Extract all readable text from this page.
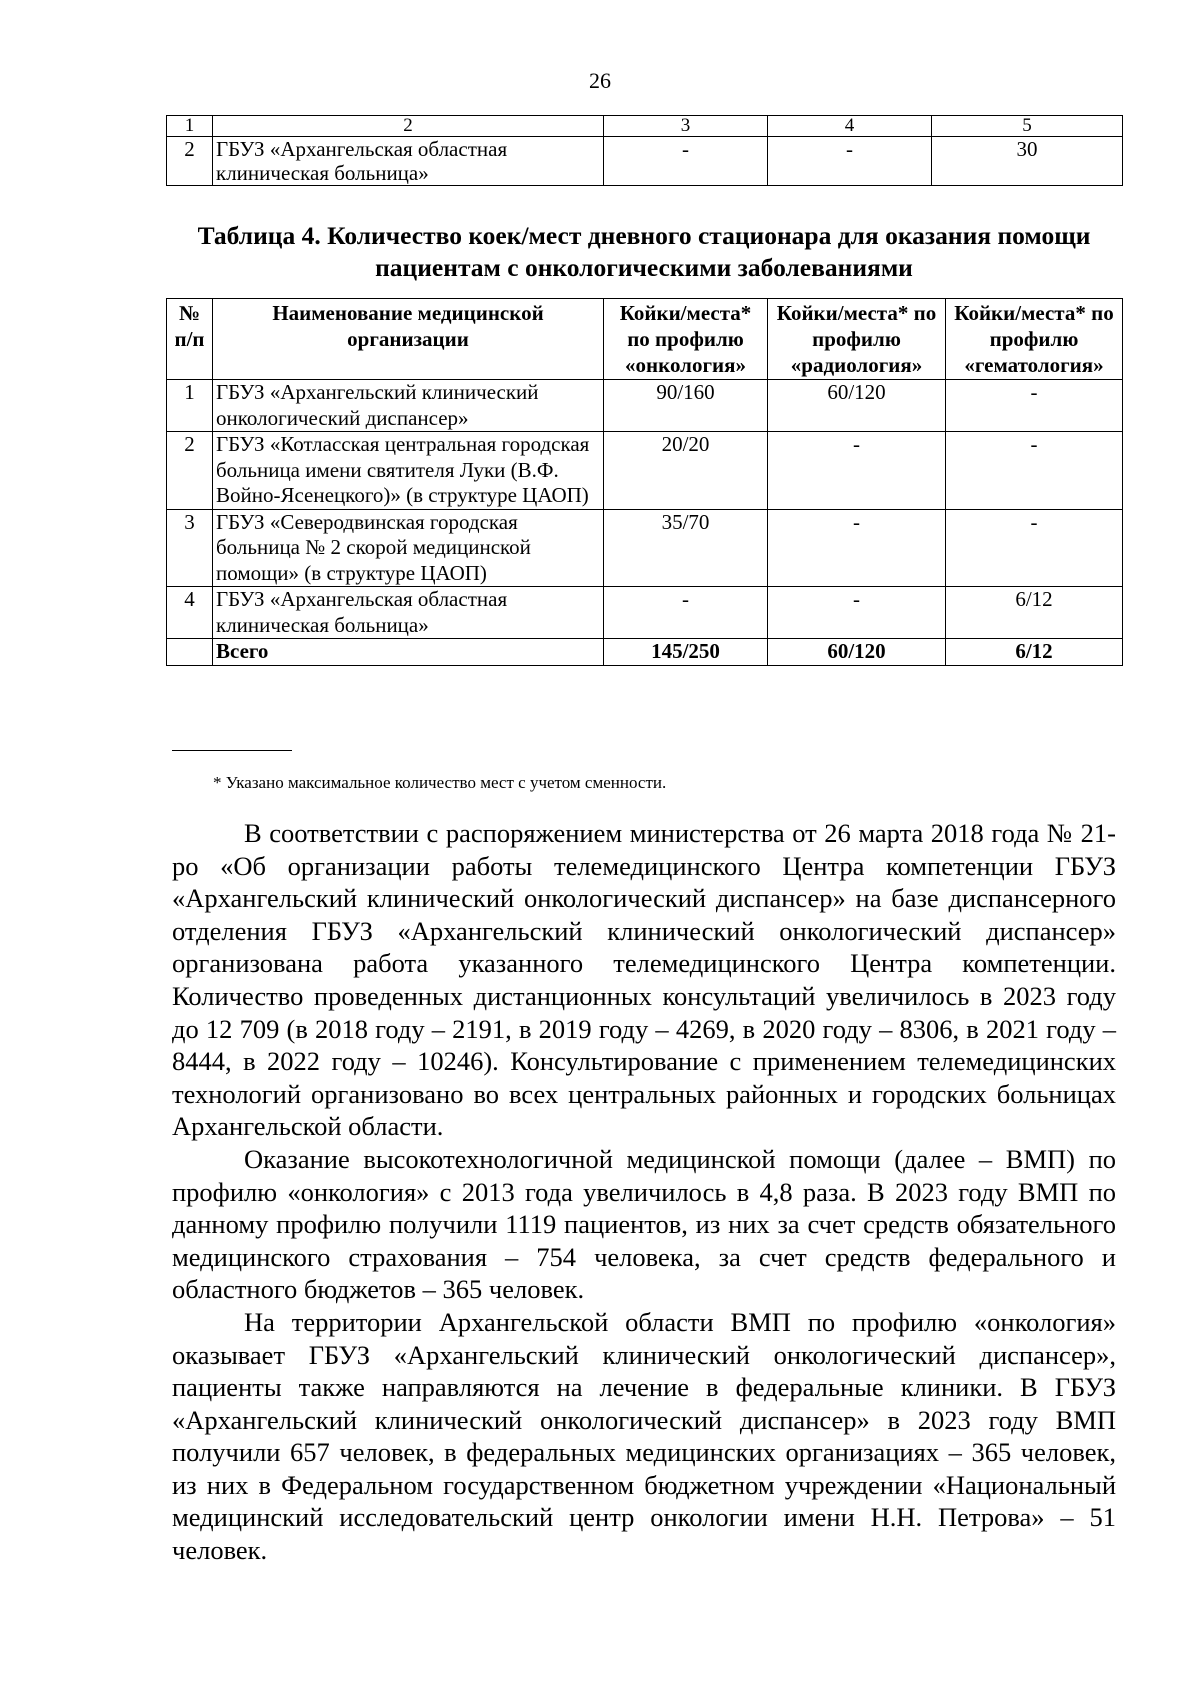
26
1	2	3	4	5
2	ГБУЗ «Архангельская областная клиническая больница»	-	-	30
Таблица 4. Количество коек/мест дневного стационара для оказания помощи пациентам с онкологическими заболеваниями
№ п/п	Наименование медицинской организации	Койки/места* по профилю «онкология»	Койки/места* по профилю «радиология»	Койки/места* по профилю «гематология»
1	ГБУЗ «Архангельский клинический онкологический диспансер»	90/160	60/120	-
2	ГБУЗ «Котласская центральная городская больница имени святителя Луки (В.Ф. Войно-Ясенецкого)» (в структуре ЦАОП)	20/20	-	-
3	ГБУЗ «Северодвинская городская больница № 2 скорой медицинской помощи» (в структуре ЦАОП)	35/70	-	-
4	ГБУЗ «Архангельская областная клиническая больница»	-	-	6/12
	Всего	145/250	60/120	6/12
* Указано максимальное количество мест с учетом сменности.

В соответствии с распоряжением министерства от 26 марта 2018 года № 21-ро «Об организации работы телемедицинского Центра компетенции ГБУЗ «Архангельский клинический онкологический диспансер» на базе диспансерного отделения ГБУЗ «Архангельский клинический онкологический диспансер» организована работа указанного телемедицинского Центра компетенции. Количество проведенных дистанционных консультаций увеличилось в 2023 году до 12 709 (в 2018 году – 2191, в 2019 году – 4269, в 2020 году – 8306, в 2021 году – 8444, в 2022 году – 10246). Консультирование с применением телемедицинских технологий организовано во всех центральных районных и городских больницах Архангельской области.

Оказание высокотехнологичной медицинской помощи (далее – ВМП) по профилю «онкология» с 2013 года увеличилось в 4,8 раза. В 2023 году ВМП по данному профилю получили 1119 пациентов, из них за счет средств обязательного медицинского страхования – 754 человека, за счет средств федерального и областного бюджетов – 365 человек.

На территории Архангельской области ВМП по профилю «онкология» оказывает ГБУЗ «Архангельский клинический онкологический диспансер», пациенты также направляются на лечение в федеральные клиники. В ГБУЗ «Архангельский клинический онкологический диспансер» в 2023 году ВМП получили 657 человек, в федеральных медицинских организациях – 365 человек, из них в Федеральном государственном бюджетном учреждении «Национальный медицинский исследовательский центр онкологии имени Н.Н. Петрова» – 51 человек.
